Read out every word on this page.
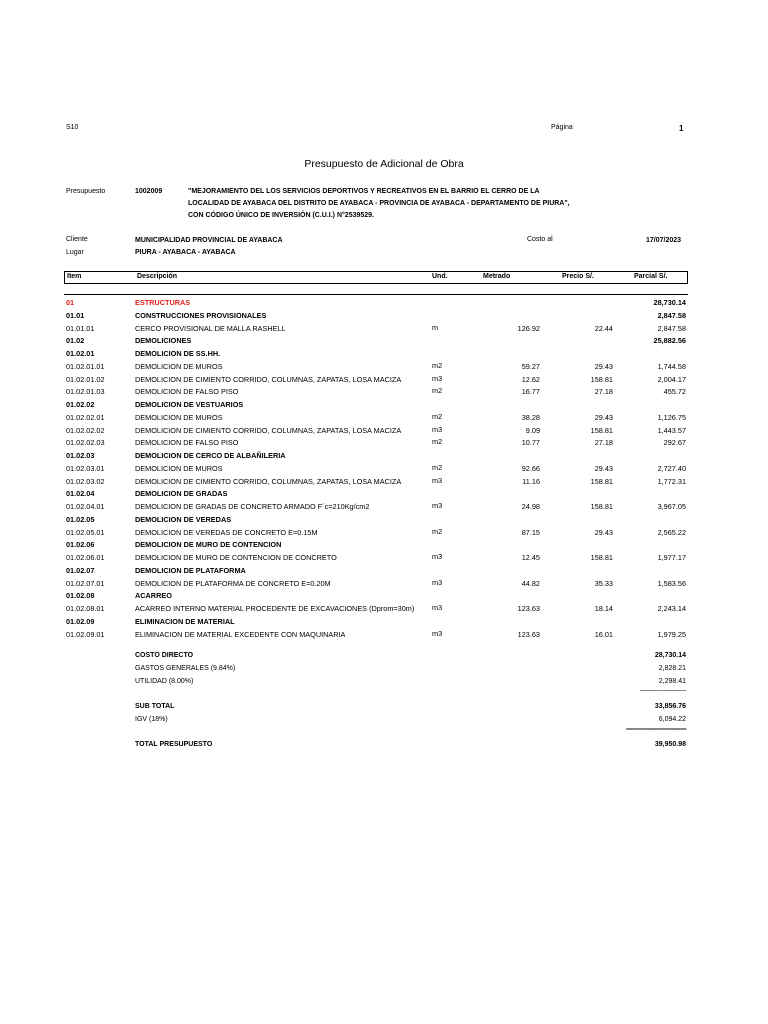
S10	Página	1
Presupuesto de Adicional de Obra
Presupuesto	1002009	"MEJORAMIENTO DEL LOS SERVICIOS DEPORTIVOS Y RECREATIVOS EN EL BARRIO EL CERRO DE LA
LOCALIDAD DE AYABACA DEL DISTRITO DE AYABACA - PROVINCIA DE AYABACA - DEPARTAMENTO DE PIURA",
CON CÓDIGO ÚNICO DE INVERSIÓN (C.U.I.) N°2539529.
Cliente	MUNICIPALIDAD PROVINCIAL DE AYABACA	Costo al	17/07/2023
Lugar	PIURA - AYABACA - AYABACA
Item	Descripción	Und.	Metrado	Precio S/.	Parcial S/.
01	ESTRUCTURAS	28,730.14
01.01	CONSTRUCCIONES PROVISIONALES	2,847.58
01.01.01	CERCO PROVISIONAL DE MALLA RASHELL	m	126.92	22.44	2,847.58
01.02	DEMOLICIONES	25,882.56
01.02.01	DEMOLICION DE SS.HH.
01.02.01.01	DEMOLICION DE MUROS	m2	59.27	29.43	1,744.58
01.02.01.02	DEMOLICION DE CIMIENTO CORRIDO, COLUMNAS, ZAPATAS, LOSA MACIZA	m3	12.62	158.81	2,004.17
01.02.01.03	DEMOLICION DE FALSO PISO	m2	16.77	27.18	455.72
01.02.02	DEMOLICION DE VESTUARIOS
01.02.02.01	DEMOLICION DE MUROS	m2	38.28	29.43	1,126.75
01.02.02.02	DEMOLICION DE CIMIENTO CORRIDO, COLUMNAS, ZAPATAS, LOSA MACIZA	m3	9.09	158.81	1,443.57
01.02.02.03	DEMOLICION DE FALSO PISO	m2	10.77	27.18	292.67
01.02.03	DEMOLICION DE CERCO DE ALBAÑILERIA
01.02.03.01	DEMOLICION DE MUROS	m2	92.66	29.43	2,727.40
01.02.03.02	DEMOLICION DE CIMIENTO CORRIDO, COLUMNAS, ZAPATAS, LOSA MACIZA	m3	11.16	158.81	1,772.31
01.02.04	DEMOLICION DE GRADAS
01.02.04.01	DEMOLICION DE GRADAS DE CONCRETO ARMADO F´c=210Kg/cm2	m3	24.98	158.81	3,967.05
01.02.05	DEMOLICION DE VEREDAS
01.02.05.01	DEMOLICION DE VEREDAS DE CONCRETO E=0.15M	m2	87.15	29.43	2,565.22
01.02.06	DEMOLICION DE MURO DE CONTENCION
01.02.06.01	DEMOLICION DE MURO DE CONTENCION DE CONCRETO	m3	12.45	158.81	1,977.17
01.02.07	DEMOLICION DE PLATAFORMA
01.02.07.01	DEMOLICION DE PLATAFORMA DE CONCRETO E=0.20M	m3	44.82	35.33	1,583.56
01.02.08	ACARREO
01.02.08.01	ACARREO INTERNO MATERIAL PROCEDENTE DE EXCAVACIONES (Dprom=30m) m3	123.63	18.14	2,243.14
01.02.09	ELIMINACION DE MATERIAL
01.02.09.01	ELIMINACION DE MATERIAL EXCEDENTE CON MAQUINARIA	m3	123.63	16.01	1,979.25
COSTO DIRECTO	28,730.14
GASTOS GENERALES (9.84%)	2,828.21
UTILIDAD (8.00%)	2,298.41
-------------------------------
SUB TOTAL	33,856.76
IGV (18%)	6,094.22
====================
TOTAL PRESUPUESTO	39,950.98
